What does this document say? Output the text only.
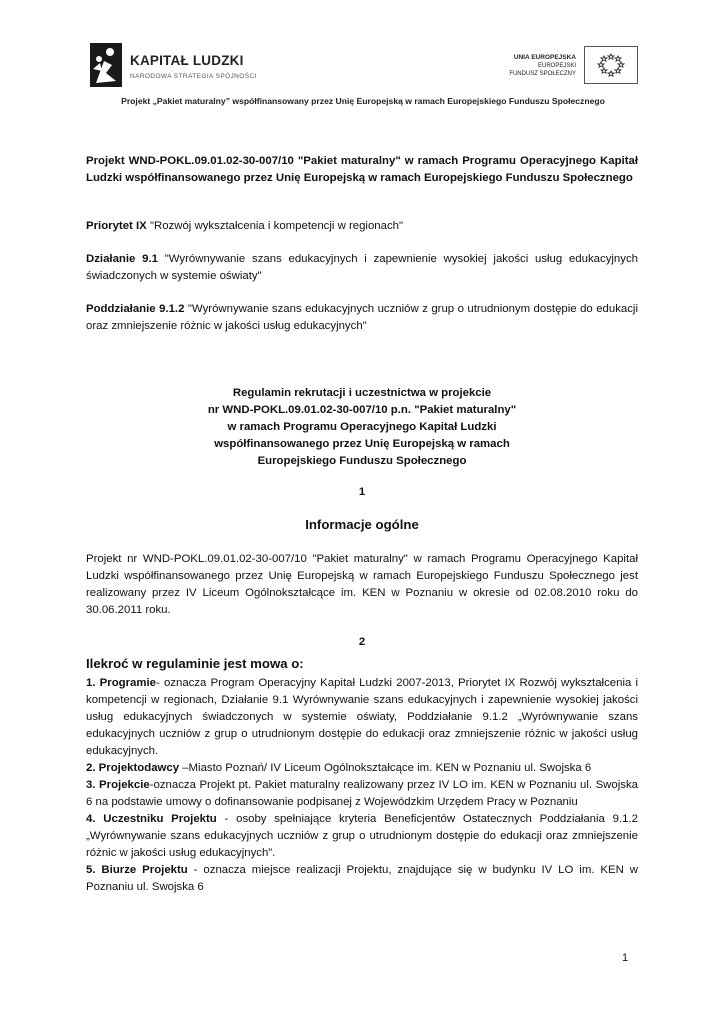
KAPITAŁ LUDZKI
NARODOWA STRATEGIA SPÓJNOŚCI
UNIA EUROPEJSKA
EUROPEJSKI
FUNDUSZ SPOŁECZNY
Projekt „Pakiet maturalny” współfinansowany przez Unię Europejską w ramach Europejskiego Funduszu Społecznego

Projekt WND-POKL.09.01.02-30-007/10 "Pakiet maturalny" w ramach Programu Operacyjnego Kapitał Ludzki współfinansowanego przez Unię Europejską w ramach Europejskiego Funduszu Społecznego

Priorytet IX "Rozwój wykształcenia i kompetencji w regionach"

Działanie 9.1 "Wyrównywanie szans edukacyjnych i zapewnienie wysokiej jakości usług edukacyjnych świadczonych w systemie oświaty"

Poddziałanie 9.1.2 "Wyrównywanie szans edukacyjnych uczniów z grup o utrudnionym dostępie do edukacji oraz zmniejszenie różnic w jakości usług edukacyjnych"

Regulamin rekrutacji i uczestnictwa w projekcie
nr WND-POKL.09.01.02-30-007/10 p.n. "Pakiet maturalny"
w ramach Programu Operacyjnego Kapitał Ludzki
współfinansowanego przez Unię Europejską w ramach
Europejskiego Funduszu Społecznego
1
Informacje ogólne

Projekt nr WND-POKL.09.01.02-30-007/10 "Pakiet maturalny" w ramach Programu Operacyjnego Kapitał Ludzki współfinansowanego przez Unię Europejską w ramach Europejskiego Funduszu Społecznego jest realizowany przez IV Liceum Ogólnokształcące im. KEN w Poznaniu w okresie od 02.08.2010 roku do 30.06.2011 roku.

2
Ilekroć w regulaminie jest mowa o:

1. Programie- oznacza Program Operacyjny Kapitał Ludzki 2007-2013, Priorytet IX Rozwój wykształcenia i kompetencji w regionach, Działanie 9.1 Wyrównywanie szans edukacyjnych i zapewnienie wysokiej jakości usług edukacyjnych świadczonych w systemie oświaty, Poddziałanie 9.1.2 „Wyrównywanie szans edukacyjnych uczniów z grup o utrudnionym dostępie do edukacji oraz zmniejszenie różnic w jakości usług edukacyjnych.

2. Projektodawcy –Miasto Poznań/ IV Liceum Ogólnokształcące im. KEN w Poznaniu ul. Swojska 6

3. Projekcie-oznacza Projekt pt. Pakiet maturalny realizowany przez IV LO im. KEN w Poznaniu ul. Swojska 6 na podstawie umowy o dofinansowanie podpisanej z Wojewódzkim Urzędem Pracy w Poznaniu

4. Uczestniku Projektu - osoby spełniające kryteria Beneficjentów Ostatecznych Poddziałania 9.1.2 „Wyrównywanie szans edukacyjnych uczniów z grup o utrudnionym dostępie do edukacji oraz zmniejszenie różnic w jakości usług edukacyjnych”.

5. Biurze Projektu - oznacza miejsce realizacji Projektu, znajdujące się w budynku IV LO im. KEN w Poznaniu ul. Swojska 6

1
